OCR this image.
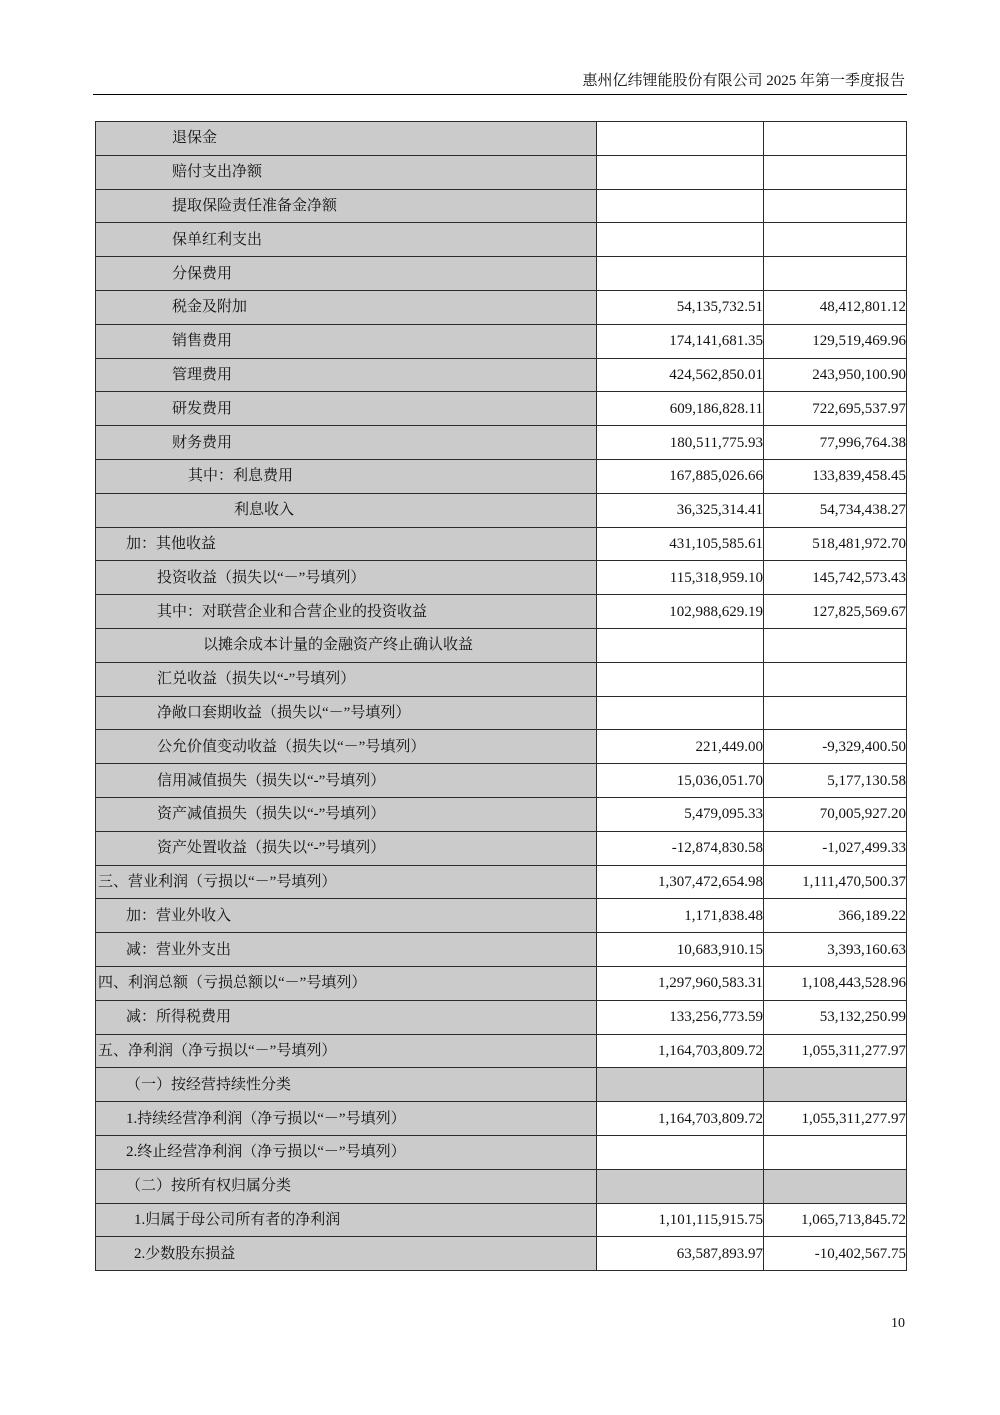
惠州亿纬锂能股份有限公司 2025 年第一季度报告
退保金		
赔付支出净额		
提取保险责任准备金净额		
保单红利支出		
分保费用		
税金及附加	54,135,732.51	48,412,801.12
销售费用	174,141,681.35	129,519,469.96
管理费用	424,562,850.01	243,950,100.90
研发费用	609,186,828.11	722,695,537.97
财务费用	180,511,775.93	77,996,764.38
其中：利息费用	167,885,026.66	133,839,458.45
利息收入	36,325,314.41	54,734,438.27
加：其他收益	431,105,585.61	518,481,972.70
投资收益（损失以“－”号填列）	115,318,959.10	145,742,573.43
其中：对联营企业和合营企业的投资收益	102,988,629.19	127,825,569.67
以摊余成本计量的金融资产终止确认收益		
汇兑收益（损失以“-”号填列）		
净敞口套期收益（损失以“－”号填列）		
公允价值变动收益（损失以“－”号填列）	221,449.00	-9,329,400.50
信用减值损失（损失以“-”号填列）	15,036,051.70	5,177,130.58
资产减值损失（损失以“-”号填列）	5,479,095.33	70,005,927.20
资产处置收益（损失以“-”号填列）	-12,874,830.58	-1,027,499.33
三、营业利润（亏损以“－”号填列）	1,307,472,654.98	1,111,470,500.37
加：营业外收入	1,171,838.48	366,189.22
减：营业外支出	10,683,910.15	3,393,160.63
四、利润总额（亏损总额以“－”号填列）	1,297,960,583.31	1,108,443,528.96
减：所得税费用	133,256,773.59	53,132,250.99
五、净利润（净亏损以“－”号填列）	1,164,703,809.72	1,055,311,277.97
（一）按经营持续性分类		
1.持续经营净利润（净亏损以“－”号填列）	1,164,703,809.72	1,055,311,277.97
2.终止经营净利润（净亏损以“－”号填列）		
（二）按所有权归属分类		
1.归属于母公司所有者的净利润	1,101,115,915.75	1,065,713,845.72
2.少数股东损益	63,587,893.97	-10,402,567.75
10
